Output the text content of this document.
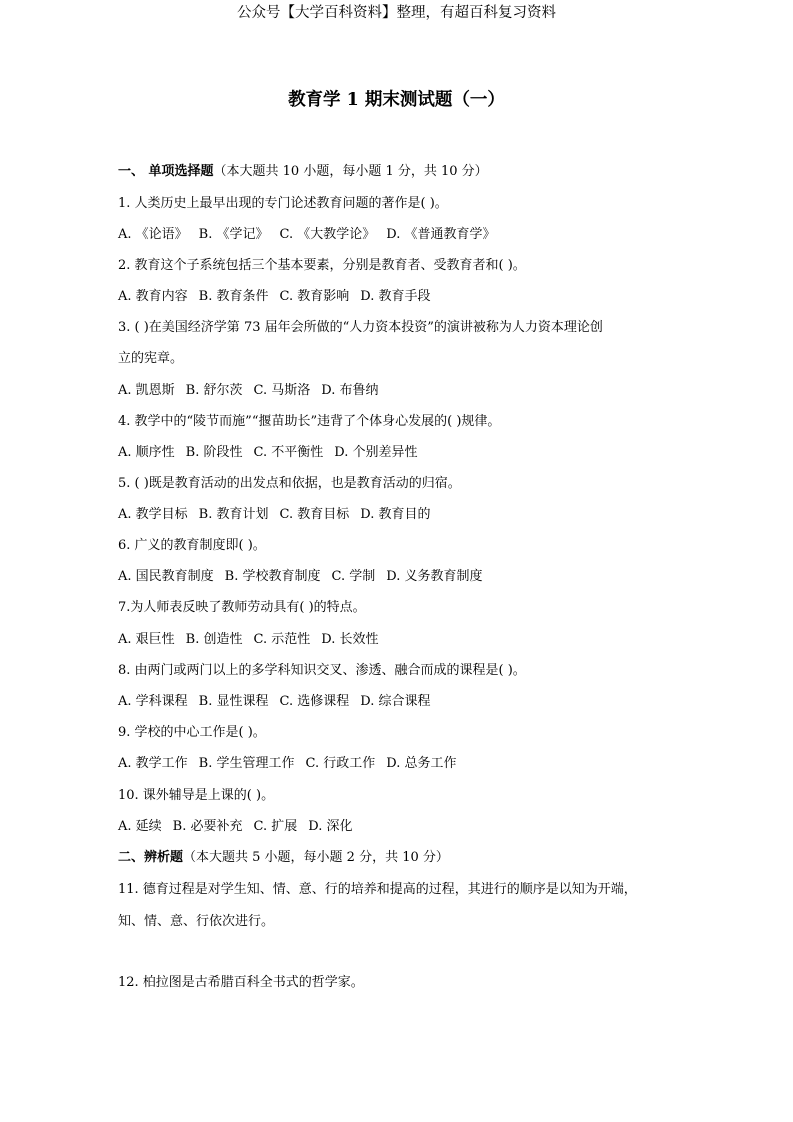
公众号【大学百科资料】整理，有超百科复习资料
教育学 1 期末测试题（一）
一、 单项选择题（本大题共 10 小题，每小题 1 分，共 10 分）
1. 人类历史上最早出现的专门论述教育问题的著作是( )。
A. 《论语》 B. 《学记》 C. 《大教学论》 D. 《普通教育学》
2. 教育这个子系统包括三个基本要素，分别是教育者、受教育者和( )。
A. 教育内容 B. 教育条件 C. 教育影响 D. 教育手段
3. ( )在美国经济学第 73 届年会所做的“人力资本投资”的演讲被称为人力资本理论创
立的宪章。
A. 凯恩斯 B. 舒尔茨 C. 马斯洛 D. 布鲁纳
4. 教学中的“陵节而施”“揠苗助长”违背了个体身心发展的( )规律。
A. 顺序性 B. 阶段性 C. 不平衡性 D. 个别差异性
5. ( )既是教育活动的出发点和依据，也是教育活动的归宿。
A. 教学目标 B. 教育计划 C. 教育目标 D. 教育目的
6. 广义的教育制度即( )。
A. 国民教育制度 B. 学校教育制度 C. 学制 D. 义务教育制度
7.为人师表反映了教师劳动具有( )的特点。
A. 艰巨性 B. 创造性 C. 示范性 D. 长效性
8. 由两门或两门以上的多学科知识交叉、渗透、融合而成的课程是( )。
A. 学科课程 B. 显性课程 C. 选修课程 D. 综合课程
9. 学校的中心工作是( )。
A. 教学工作 B. 学生管理工作 C. 行政工作 D. 总务工作
10. 课外辅导是上课的( )。
A. 延续 B. 必要补充 C. 扩展 D. 深化
二、辨析题（本大题共 5 小题，每小题 2 分，共 10 分）
11. 德育过程是对学生知、情、意、行的培养和提高的过程，其进行的顺序是以知为开端，
知、情、意、行依次进行。
12. 柏拉图是古希腊百科全书式的哲学家。
